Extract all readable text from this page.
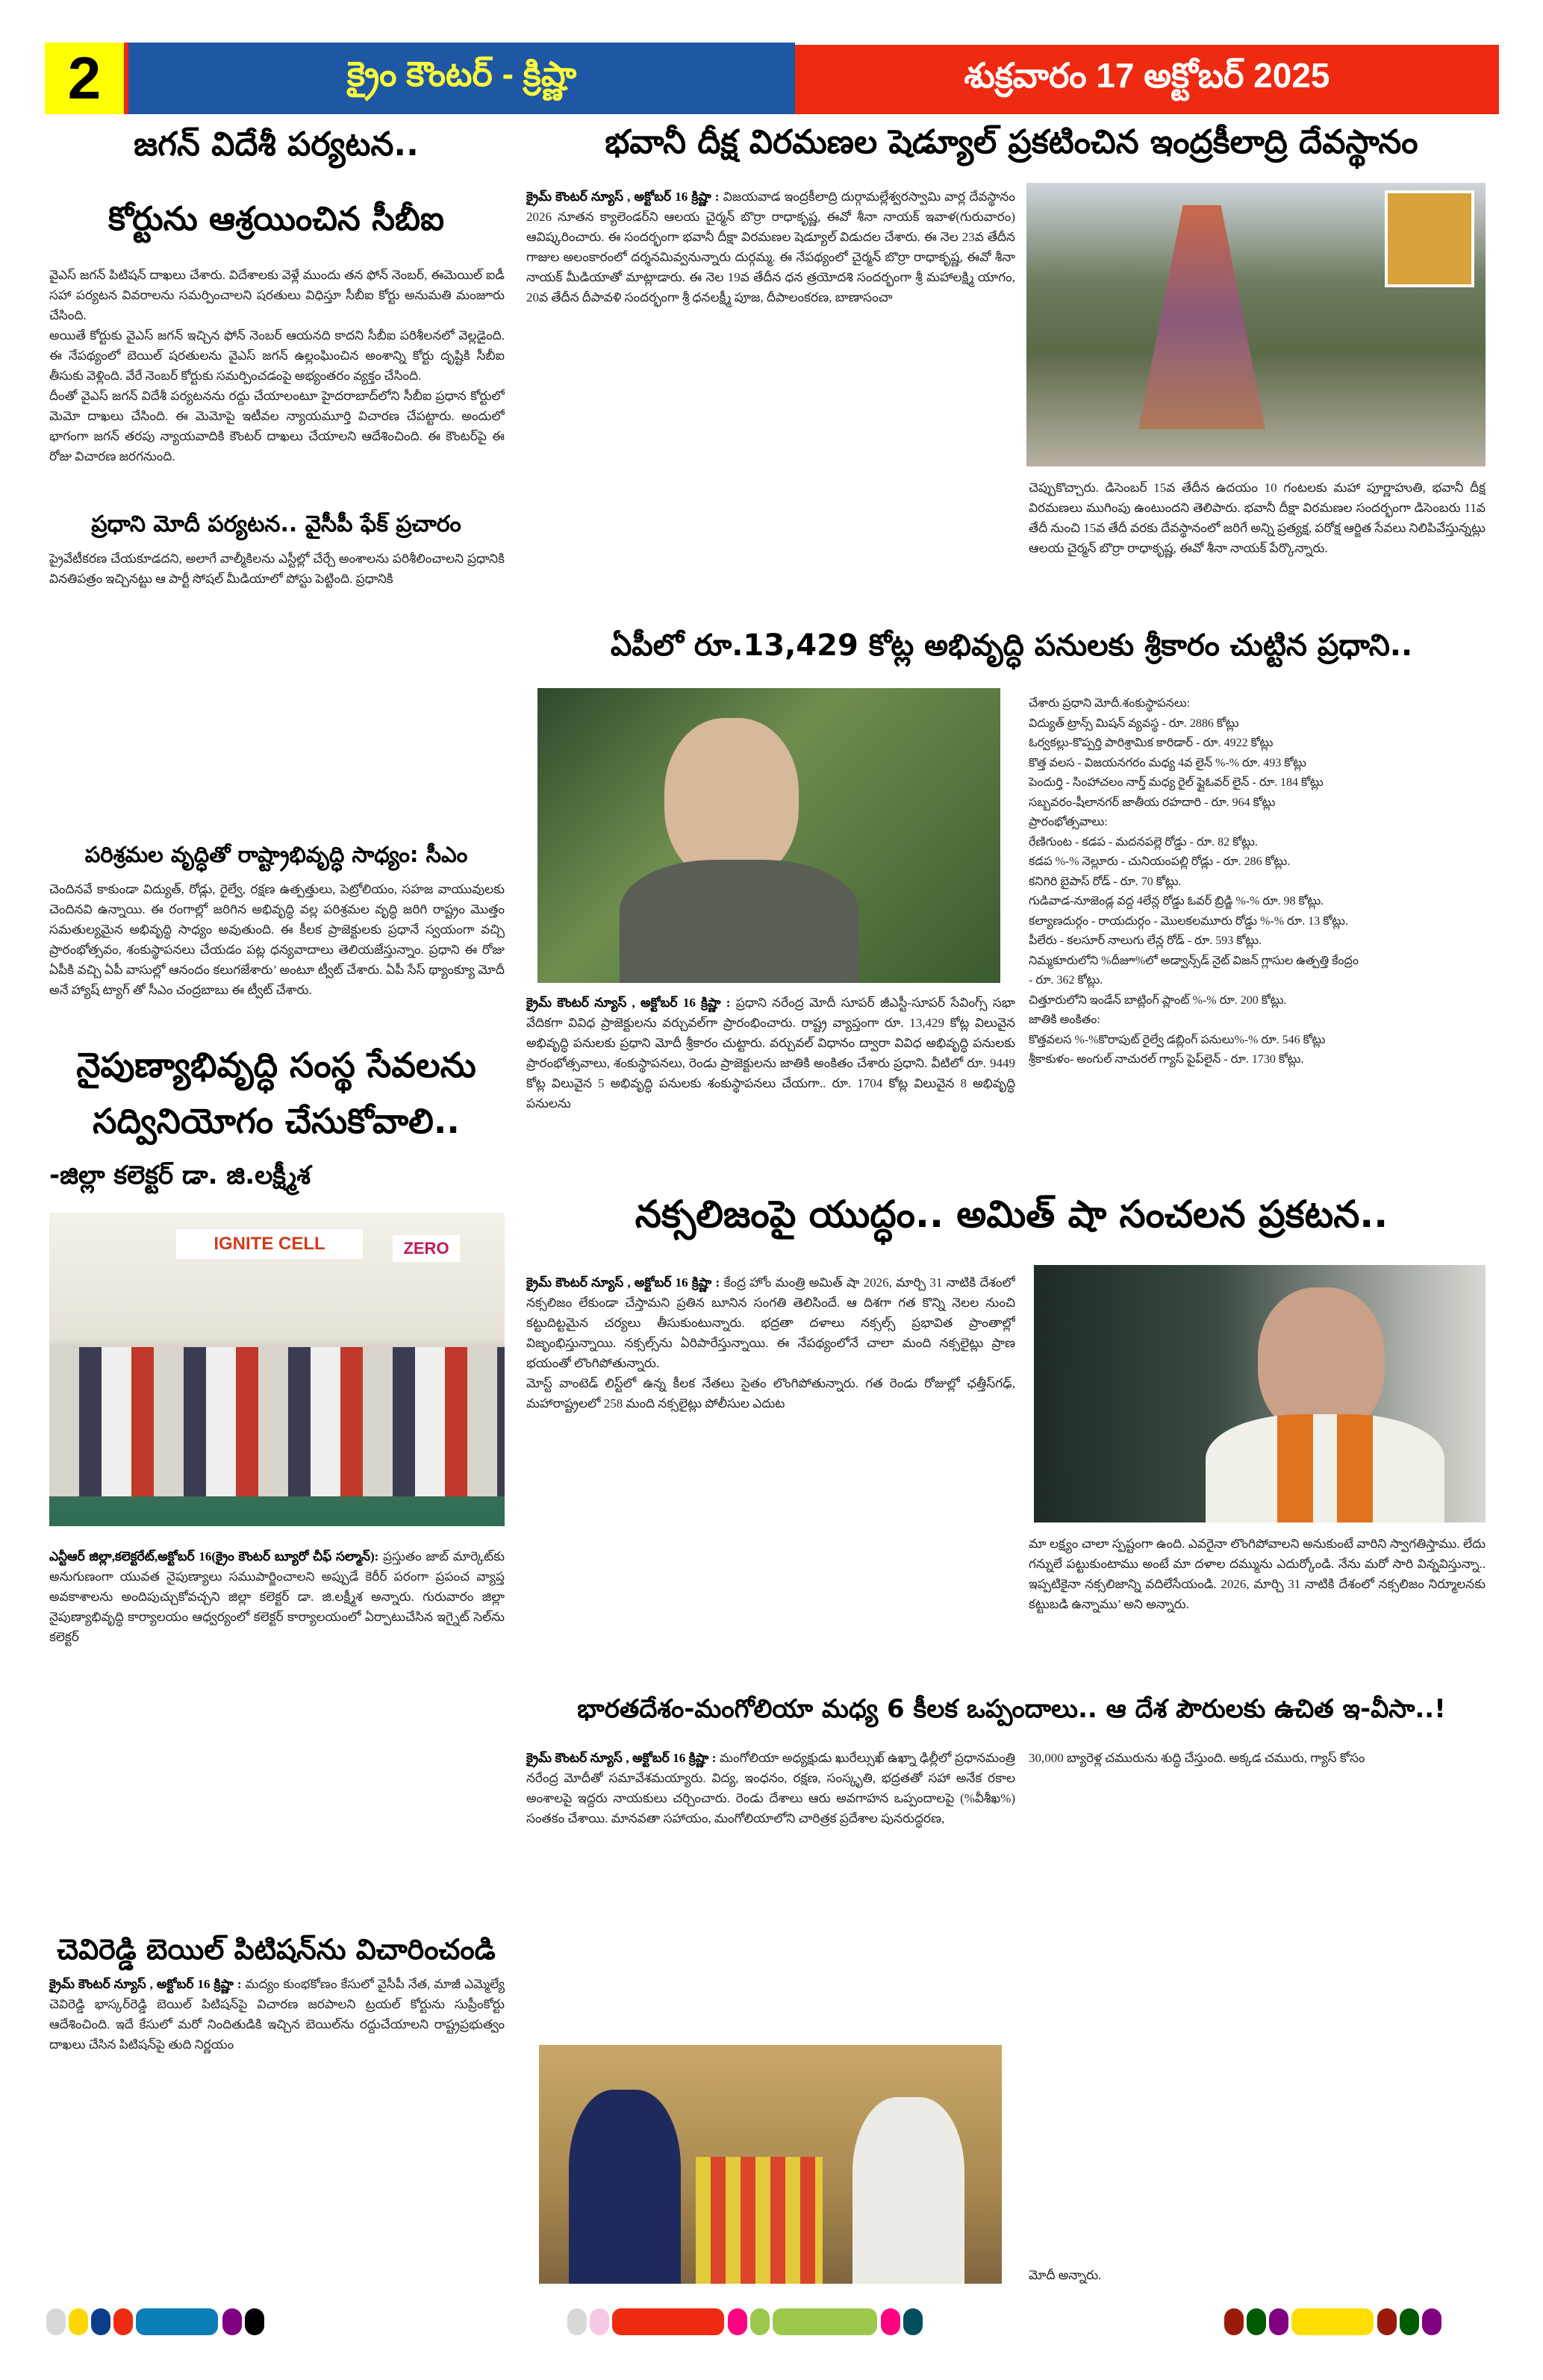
2	క్రైం కౌంటర్ - క్రిష్ణా	శుక్రవారం 17 అక్టోబర్ 2025
జగన్ విదేశీ పర్యటన..
కోర్టును ఆశ్రయించిన సీబీఐ

వైఎస్ జగన్ పిటిషన్ దాఖలు చేశారు. విదేశాలకు వెళ్లే ముందు తన ఫోన్ నెంబర్, ఈమెయిల్ ఐడీ సహా పర్యటన వివరాలను సమర్పించాలని షరతులు విధిస్తూ సీబీఐ కోర్టు అనుమతి మంజూరు చేసింది.

అయితే కోర్టుకు వైఎస్ జగన్ ఇచ్చిన ఫోన్ నెంబర్ ఆయనది కాదని సీబీఐ పరిశీలనలో వెల్లడైంది. ఈ నేపథ్యంలో బెయిల్ షరతులను వైఎస్ జగన్ ఉల్లంఘించిన అంశాన్ని కోర్టు దృష్టికి సీబీఐ తీసుకు వెళ్లింది. వేరే నెంబర్ కోర్టుకు సమర్పించడంపై అభ్యంతరం వ్యక్తం చేసింది.

దీంతో వైఎస్ జగన్ విదేశీ పర్యటనను రద్దు చేయాలంటూ హైదరాబాద్‌లోని సీబీఐ ప్రధాన కోర్టులో మెమో దాఖలు చేసింది. ఈ మెమోపై ఇటీవల న్యాయమూర్తి విచారణ చేపట్టారు. అందులో భాగంగా జగన్ తరపు న్యాయవాదికి కౌంటర్ దాఖలు చేయాలని ఆదేశించింది. ఈ కౌంటర్‌పై ఈ రోజు విచారణ జరగనుంది.

ప్రధాని మోదీ పర్యటన.. వైసీపీ ఫేక్ ప్రచారం

ప్రైవేటీకరణ చేయకూడదని, అలాగే వాల్మీకిలను ఎస్టీల్లో చేర్చే అంశాలను పరిశీలించాలని ప్రధానికి వినతిపత్రం ఇచ్చినట్టు ఆ పార్టీ సోషల్ మీడియాలో పోస్టు పెట్టింది. ప్రధానికి

పరిశ్రమల వృద్ధితో రాష్ట్రాభివృద్ధి సాధ్యం: సీఎం

చెందినవే కాకుండా విద్యుత్, రోడ్లు, రైల్వే, రక్షణ ఉత్పత్తులు, పెట్రోలియం, సహజ వాయువులకు చెందినవి ఉన్నాయి. ఈ రంగాల్లో జరిగిన అభివృద్ధి వల్ల పరిశ్రమల వృద్ధి జరిగి రాష్ట్రం మొత్తం సమతుల్యమైన అభివృద్ధి సాధ్యం అవుతుంది. ఈ కీలక ప్రాజెక్టులకు ప్రధానే స్వయంగా వచ్చి ప్రారంభోత్సవం, శంకుస్థాపనలు చేయడం పట్ల ధన్యవాదాలు తెలియజేస్తున్నాం. ప్రధాని ఈ రోజు ఏపీకి వచ్చి ఏపీ వాసుల్లో ఆనందం కలుగజేశారు’ అంటూ ట్వీట్ చేశారు. ఏపీ సేస్ థ్యాంక్యూ మోదీ అనే హ్యాష్ ట్యాగ్ తో సీఎం చంద్రబాబు ఈ ట్వీట్ చేశారు.

నైపుణ్యాభివృద్ధి సంస్థ సేవలను
సద్వినియోగం చేసుకోవాలి..
-జిల్లా కలెక్టర్ డా. జి.లక్ష్మీశ
IGNITE CELL	ZERO

ఎన్టీఆర్ జిల్లా,కలెక్టరేట్,అక్టోబర్ 16(క్రైం కౌంటర్ బ్యూరో చీఫ్ సల్మాన్): ప్రస్తుతం జాబ్ మార్కెట్‌కు అనుగుణంగా యువత నైపుణ్యాలు సముపార్జించాలని అప్పుడే కెరీర్ పరంగా ప్రపంచ వ్యాప్త అవకాశాలను అందిపుచ్చుకోవచ్చని జిల్లా కలెక్టర్ డా. జి.లక్ష్మీశ అన్నారు. గురువారం జిల్లా నైపుణ్యాభివృద్ధి కార్యాలయం ఆధ్వర్యంలో కలెక్టర్ కార్యాలయంలో ఏర్పాటుచేసిన ఇగ్నైట్ సెల్‌ను కలెక్టర్

చెవిరెడ్డి బెయిల్ పిటిషన్‌ను విచారించండి

క్రైమ్ కౌంటర్ న్యూస్ , అక్టోబర్ 16 క్రిష్ణా : మద్యం కుంభకోణం కేసులో వైసీపీ నేత, మాజీ ఎమ్మెల్యే చెవిరెడ్డి భాస్కర్‌రెడ్డి బెయిల్ పిటిషన్‌పై విచారణ జరపాలని ట్రయల్ కోర్టును సుప్రీంకోర్టు ఆదేశించింది. ఇదే కేసులో మరో నిందితుడికి ఇచ్చిన బెయిల్‌ను రద్దుచేయాలని రాష్ట్రప్రభుత్వం దాఖలు చేసిన పిటిషన్‌పై తుది నిర్ణయం

భవానీ దీక్ష విరమణల షెడ్యూల్ ప్రకటించిన ఇంద్రకీలాద్రి దేవస్థానం

క్రైమ్ కౌంటర్ న్యూస్ , అక్టోబర్ 16 క్రిష్ణా : విజయవాడ ఇంద్రకీలాద్రి దుర్గామల్లేశ్వరస్వామి వార్ల దేవస్థానం 2026 నూతన క్యాలెండర్‌ని ఆలయ చైర్మన్ బొర్రా రాధాకృష్ణ, ఈవో శీనా నాయక్ ఇవాళ(గురువారం) ఆవిష్కరించారు. ఈ సందర్భంగా భవానీ దీక్షా విరమణల షెడ్యూల్ విడుదల చేశారు. ఈ నెల 23వ తేదీన గాజుల అలంకారంలో దర్శనమివ్వనున్నారు దుర్గమ్మ. ఈ నేపథ్యంలో చైర్మన్ బొర్రా రాధాకృష్ణ, ఈవో శీనా నాయక్ మీడియాతో మాట్లాడారు. ఈ నెల 19వ తేదీన ధన త్రయోదశి సందర్భంగా శ్రీ మహాలక్ష్మి యాగం, 20వ తేదీన దీపావళి సందర్భంగా శ్రీ ధనలక్ష్మీ పూజ, దీపాలంకరణ, బాణాసంచా

చెప్పుకొచ్చారు. డిసెంబర్ 15వ తేదీన ఉదయం 10 గంటలకు మహా పూర్ణాహుతి, భవానీ దీక్ష విరమణలు ముగింపు ఉంటుందని తెలిపారు. భవానీ దీక్షా విరమణల సందర్భంగా డిసెంబరు 11వ తేదీ నుంచి 15వ తేదీ వరకు దేవస్థానంలో జరిగే అన్ని ప్రత్యక్ష, పరోక్ష ఆర్జిత సేవలు నిలిపివేస్తున్నట్లు ఆలయ చైర్మన్ బొర్రా రాధాకృష్ణ, ఈవో శీనా నాయక్ పేర్కొన్నారు.

ఏపీలో రూ.13,429 కోట్ల అభివృద్ధి పనులకు శ్రీకారం చుట్టిన ప్రధాని..

క్రైమ్ కౌంటర్ న్యూస్ , అక్టోబర్ 16 క్రిష్ణా : ప్రధాని నరేంద్ర మోదీ సూపర్ జీఎస్టీ-సూపర్ సేవింగ్స్ సభా వేదికగా వివిధ ప్రాజెక్టులను వర్చువల్‌గా ప్రారంభించారు. రాష్ట్ర వ్యాప్తంగా రూ. 13,429 కోట్ల విలువైన అభివృద్ధి పనులకు ప్రధాని మోదీ శ్రీకారం చుట్టారు. వర్చువల్ విధానం ద్వారా వివిధ అభివృద్ధి పనులకు ప్రారంభోత్సవాలు, శంకుస్థాపనలు, రెండు ప్రాజెక్టులను జాతికి అంకితం చేశారు ప్రధాని. వీటిలో రూ. 9449 కోట్ల విలువైన 5 అభివృద్ధి పనులకు శంకుస్థాపనలు చేయగా.. రూ. 1704 కోట్ల విలువైన 8 అభివృద్ధి పనులను

చేశారు ప్రధాని మోదీ.శంకుస్థాపనలు:
విద్యుత్ ట్రాన్స్ మిషన్ వ్యవస్థ - రూ. 2886 కోట్లు
ఓర్వకల్లు-కొప్పర్తి పారిశ్రామిక కారిడార్ - రూ. 4922 కోట్లు
కొత్త వలస - విజయనగరం మధ్య 4వ లైన్ %-% రూ. 493 కోట్లు
పెందుర్తి - సింహాచలం నార్త్ మధ్య రైల్ ఫ్లైఓవర్ లైన్ - రూ. 184 కోట్లు
సబ్బవరం-షీలానగర్ జాతీయ రహదారి - రూ. 964 కోట్లు
ప్రారంభోత్సవాలు:
రేణిగుంట - కడప - మదనపల్లె రోడ్డు - రూ. 82 కోట్లు.
కడప %-% నెల్లూరు - చునియంపల్లి రోడ్లు - రూ. 286 కోట్లు.
కనిగిరి బైపాస్ రోడ్ - రూ. 70 కోట్లు.
గుడివాడ-నూజెండ్ల వద్ద 4లేన్ల రోడ్డు ఓవర్ బ్రిడ్జి %-% రూ. 98 కోట్లు.
కల్యాణదుర్గం - రాయదుర్గం - మొలకలమూరు రోడ్డు %-% రూ. 13 కోట్లు.
పీలేరు - కలసూర్ నాలుగు లేన్ల రోడ్ - రూ. 593 కోట్లు.
నిమ్మకూరులోని %దీజూ%లో అడ్వాన్స్‌డ్ నైట్ విజన్ గ్లాసుల ఉత్పత్తి కేంద్రం
- రూ. 362 కోట్లు.
చిత్తూరులోని ఇండేన్ బాట్లింగ్ ప్లాంట్ %-% రూ. 200 కోట్లు.
జాతికి అంకితం:
కొత్తవలస %-%కొరాపుట్ రైల్వే డబ్లింగ్ పనులు%-% రూ. 546 కోట్లు
శ్రీకాకుళం- అంగుల్ నాచురల్ గ్యాస్ పైప్‌లైన్ - రూ. 1730 కోట్లు.
నక్సలిజంపై యుద్ధం.. అమిత్ షా సంచలన ప్రకటన..

క్రైమ్ కౌంటర్ న్యూస్ , అక్టోబర్ 16 క్రిష్ణా : కేంద్ర హోం మంత్రి అమిత్ షా 2026, మార్చి 31 నాటికి దేశంలో నక్సలిజం లేకుండా చేస్తామని ప్రతిన బూనిన సంగతి తెలిసిందే. ఆ దిశగా గత కొన్ని నెలల నుంచి కట్టుదిట్టమైన చర్యలు తీసుకుంటున్నారు. భద్రతా దళాలు నక్సల్స్ ప్రభావిత ప్రాంతాల్లో విజృంభిస్తున్నాయి. నక్సల్స్‌ను ఏరిపారేస్తున్నాయి. ఈ నేపథ్యంలోనే చాలా మంది నక్సలైట్లు ప్రాణ భయంతో లొంగిపోతున్నారు.

మోస్ట్ వాంటెడ్ లిస్ట్‌లో ఉన్న కీలక నేతలు సైతం లొంగిపోతున్నారు. గత రెండు రోజుల్లో ఛత్తీస్‌గఢ్, మహారాష్ట్రలలో 258 మంది నక్సలైట్లు పోలీసుల ఎదుట

మా లక్ష్యం చాలా స్పష్టంగా ఉంది. ఎవరైనా లొంగిపోవాలని అనుకుంటే వారిని స్వాగతిస్తాము. లేదు గన్నులే పట్టుకుంటాము అంటే మా దళాల దమ్మును ఎదుర్కోండి. నేను మరో సారి విన్నవిస్తున్నా.. ఇప్పటికైనా నక్సలిజాన్ని వదిలేసేయండి. 2026, మార్చి 31 నాటికి దేశంలో నక్సలిజం నిర్మూలనకు కట్టుబడి ఉన్నాము’ అని అన్నారు.

భారతదేశం-మంగోలియా మధ్య 6 కీలక ఒప్పందాలు.. ఆ దేశ పౌరులకు ఉచిత ఇ-వీసా..!

క్రైమ్ కౌంటర్ న్యూస్ , అక్టోబర్ 16 క్రిష్ణా : మంగోలియా అధ్యక్షుడు ఖురేల్సుఖ్ ఉఖ్నా ఢిల్లీలో ప్రధానమంత్రి నరేంద్ర మోదీతో సమావేశమయ్యారు. విద్య, ఇంధనం, రక్షణ, సంస్కృతి, భద్రతతో సహా అనేక రకాల అంశాలపై ఇద్దరు నాయకులు చర్చించారు. రెండు దేశాలు ఆరు అవగాహన ఒప్పందాలపై (%వీశీఖ%) సంతకం చేశాయి. మానవతా సహాయం, మంగోలియాలోని చారిత్రక ప్రదేశాల పునరుద్ధరణ,

30,000 బ్యారెళ్ల చమురును శుద్ధి చేస్తుంది. అక్కడ చమురు, గ్యాస్ కోసం

మోదీ అన్నారు.
